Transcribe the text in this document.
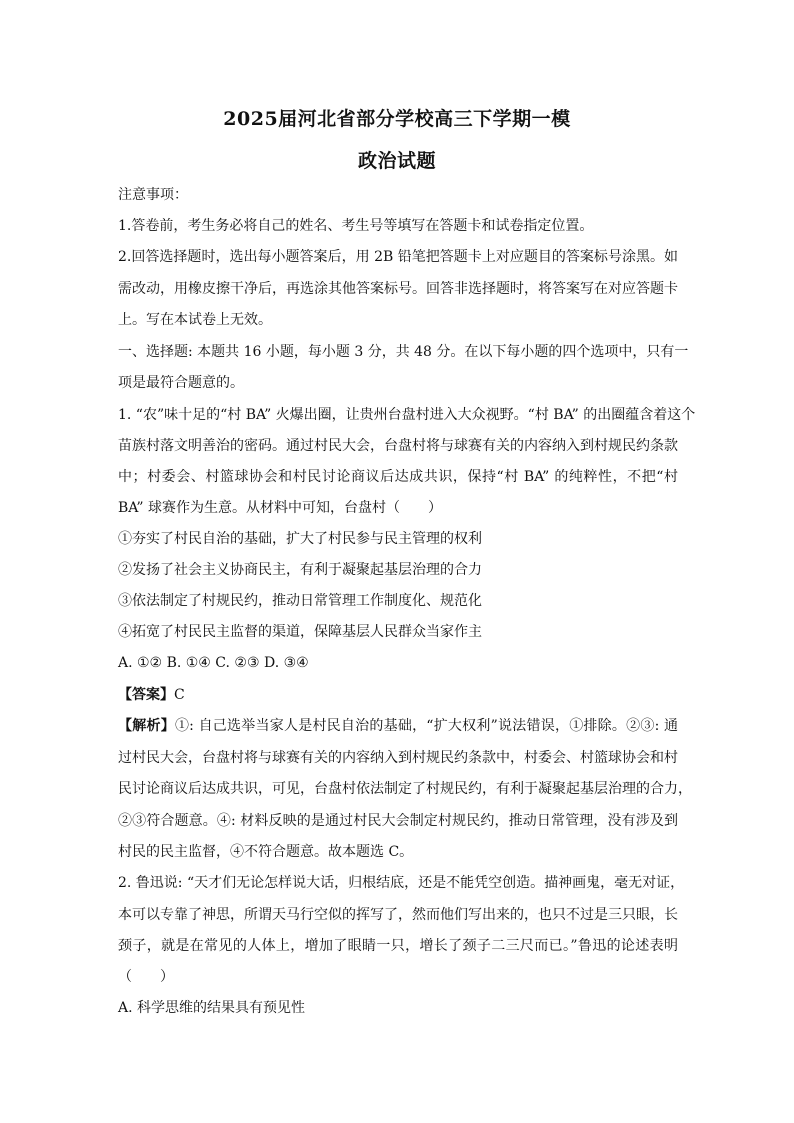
2025届河北省部分学校高三下学期一模
政治试题
注意事项：
1.答卷前，考生务必将自己的姓名、考生号等填写在答题卡和试卷指定位置。
2.回答选择题时，选出每小题答案后，用 2B 铅笔把答题卡上对应题目的答案标号涂黑。如
需改动，用橡皮擦干净后，再选涂其他答案标号。回答非选择题时，将答案写在对应答题卡
上。写在本试卷上无效。
一、选择题: 本题共 16 小题，每小题 3 分，共 48 分。在以下每小题的四个选项中，只有一
项是最符合题意的。
1. “农”味十足的“村 BA” 火爆出圈，让贵州台盘村进入大众视野。“村 BA” 的出圈蕴含着这个
苗族村落文明善治的密码。通过村民大会，台盘村将与球赛有关的内容纳入到村规民约条款
中；村委会、村篮球协会和村民讨论商议后达成共识，保持“村 BA” 的纯粹性，不把“村
BA” 球赛作为生意。从材料中可知，台盘村（　　）
①夯实了村民自治的基础，扩大了村民参与民主管理的权利
②发扬了社会主义协商民主，有利于凝聚起基层治理的合力
③依法制定了村规民约，推动日常管理工作制度化、规范化
④拓宽了村民民主监督的渠道，保障基层人民群众当家作主
A. ①② B. ①④ C. ②③ D. ③④
【答案】C
【解析】①: 自己选举当家人是村民自治的基础，“扩大权利”说法错误，①排除。②③: 通
过村民大会，台盘村将与球赛有关的内容纳入到村规民约条款中，村委会、村篮球协会和村
民讨论商议后达成共识，可见，台盘村依法制定了村规民约，有利于凝聚起基层治理的合力，
②③符合题意。④: 材料反映的是通过村民大会制定村规民约，推动日常管理，没有涉及到
村民的民主监督，④不符合题意。故本题选 C。
2. 鲁迅说: “天才们无论怎样说大话，归根结底，还是不能凭空创造。描神画鬼，毫无对证，
本可以专靠了神思，所谓天马行空似的挥写了，然而他们写出来的，也只不过是三只眼，长
颈子，就是在常见的人体上，增加了眼睛一只，增长了颈子二三尺而已。”鲁迅的论述表明
（　　）
A. 科学思维的结果具有预见性
